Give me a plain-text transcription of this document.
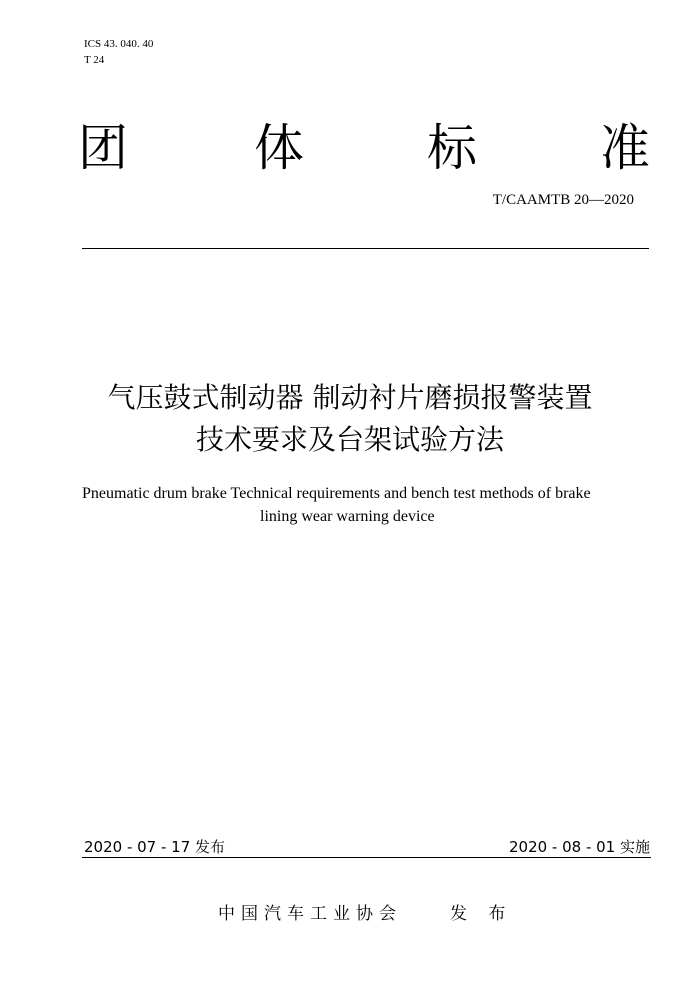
ICS 43. 040. 40
T 24
团	体 标 准
T/CAAMTB 20—2020
气压鼓式制动器 制动衬片磨损报警装置
技术要求及台架试验方法
Pneumatic drum brake Technical requirements and bench test methods of brake
lining wear warning device
2020 - 07 - 17 发布	2020 - 08 - 01 实施
中国汽车工业协会	发 布
